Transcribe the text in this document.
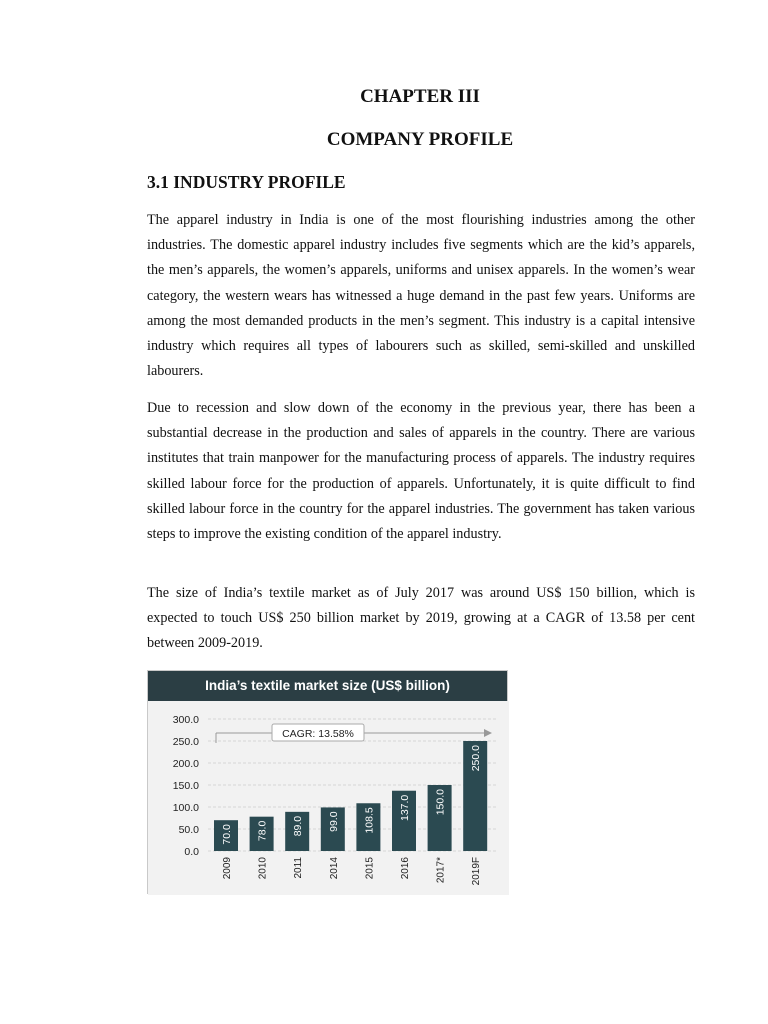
CHAPTER III
COMPANY PROFILE
3.1 INDUSTRY PROFILE

The apparel industry in India is one of the most flourishing industries among the other industries. The domestic apparel industry includes five segments which are the kid’s apparels, the men’s apparels, the women’s apparels, uniforms and unisex apparels. In the women’s wear category, the western wears has witnessed a huge demand in the past few years. Uniforms are among the most demanded products in the men’s segment. This industry is a capital intensive industry which requires all types of labourers such as skilled, semi-skilled and unskilled labourers.

Due to recession and slow down of the economy in the previous year, there has been a substantial decrease in the production and sales of apparels in the country. There are various institutes that train manpower for the manufacturing process of apparels. The industry requires skilled labour force for the production of apparels. Unfortunately, it is quite difficult to find skilled labour force in the country for the apparel industries. The government has taken various steps to improve the existing condition of the apparel industry.

The size of India’s textile market as of July 2017 was around US$ 150 billion, which is expected to touch US$ 250 billion market by 2019, growing at a CAGR of 13.58 per cent between 2009-2019.

India’s textile market size (US$ billion)
0.0
50.0
100.0
150.0
200.0
250.0
300.0
70.0
2009
78.0
2010
89.0
2011
99.0
2014
108.5
2015
137.0
2016
150.0
2017*
250.0
2019F
CAGR: 13.58%
